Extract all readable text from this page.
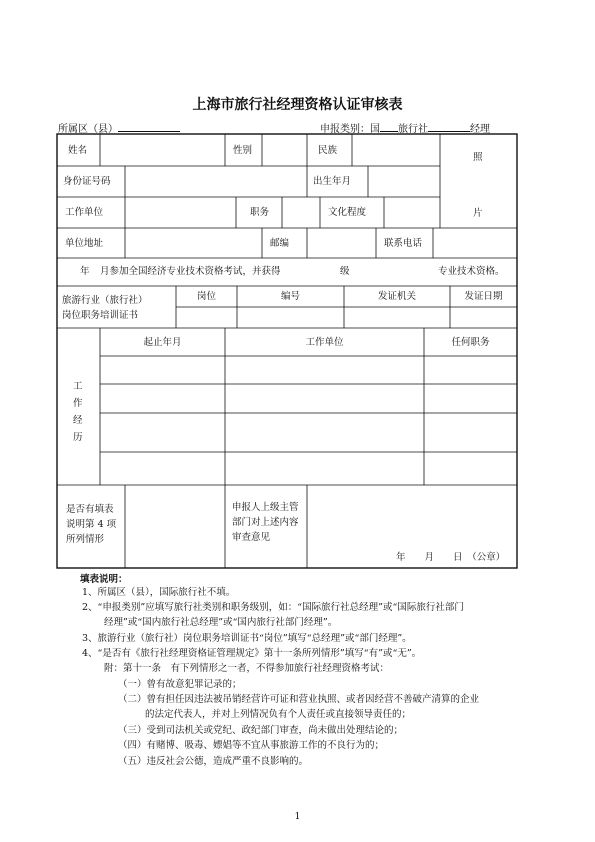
上海市旅行社经理资格认证审核表
所属区（县）	申报类别：国 旅行社	经理
姓名	性别	民族
照
片
身份证号码	出生年月
工作单位	职务	文化程度
单位地址	邮编	联系电话
年 月参加全国经济专业技术资格考试，并获得	级	专业技术资格。
旅游行业（旅行社）
岗位职务培训证书
岗位	编号	发证机关	发证日期
起止年月	工作单位	任何职务
工
作
经
历
是否有填表
说明第 4 项
所列情形
申报人上级主管
部门对上述内容
审查意见
年　　月　　日　（公章）
填表说明：
1、所属区（县），国际旅行社不填。
2、“申报类别”应填写旅行社类别和职务级别，如：“国际旅行社总经理”或“国际旅行社部门
经理”或“国内旅行社总经理”或“国内旅行社部门经理”。
3、旅游行业（旅行社）岗位职务培训证书“岗位”填写“总经理”或“部门经理”。
4、“是否有《旅行社经理资格证管理规定》第十一条所列情形”填写“有”或“无”。
附：第十一条　有下列情形之一者，不得参加旅行社经理资格考试：
（一）曾有故意犯罪记录的；
（二）曾有担任因违法被吊销经营许可证和营业执照、或者因经营不善破产清算的企业
的法定代表人，并对上列情况负有个人责任或直接领导责任的；
（三）受到司法机关或党纪、政纪部门审查，尚未做出处理结论的；
（四）有赌博、吸毒、嫖娼等不宜从事旅游工作的不良行为的；
（五）违反社会公德，造成严重不良影响的。
1
